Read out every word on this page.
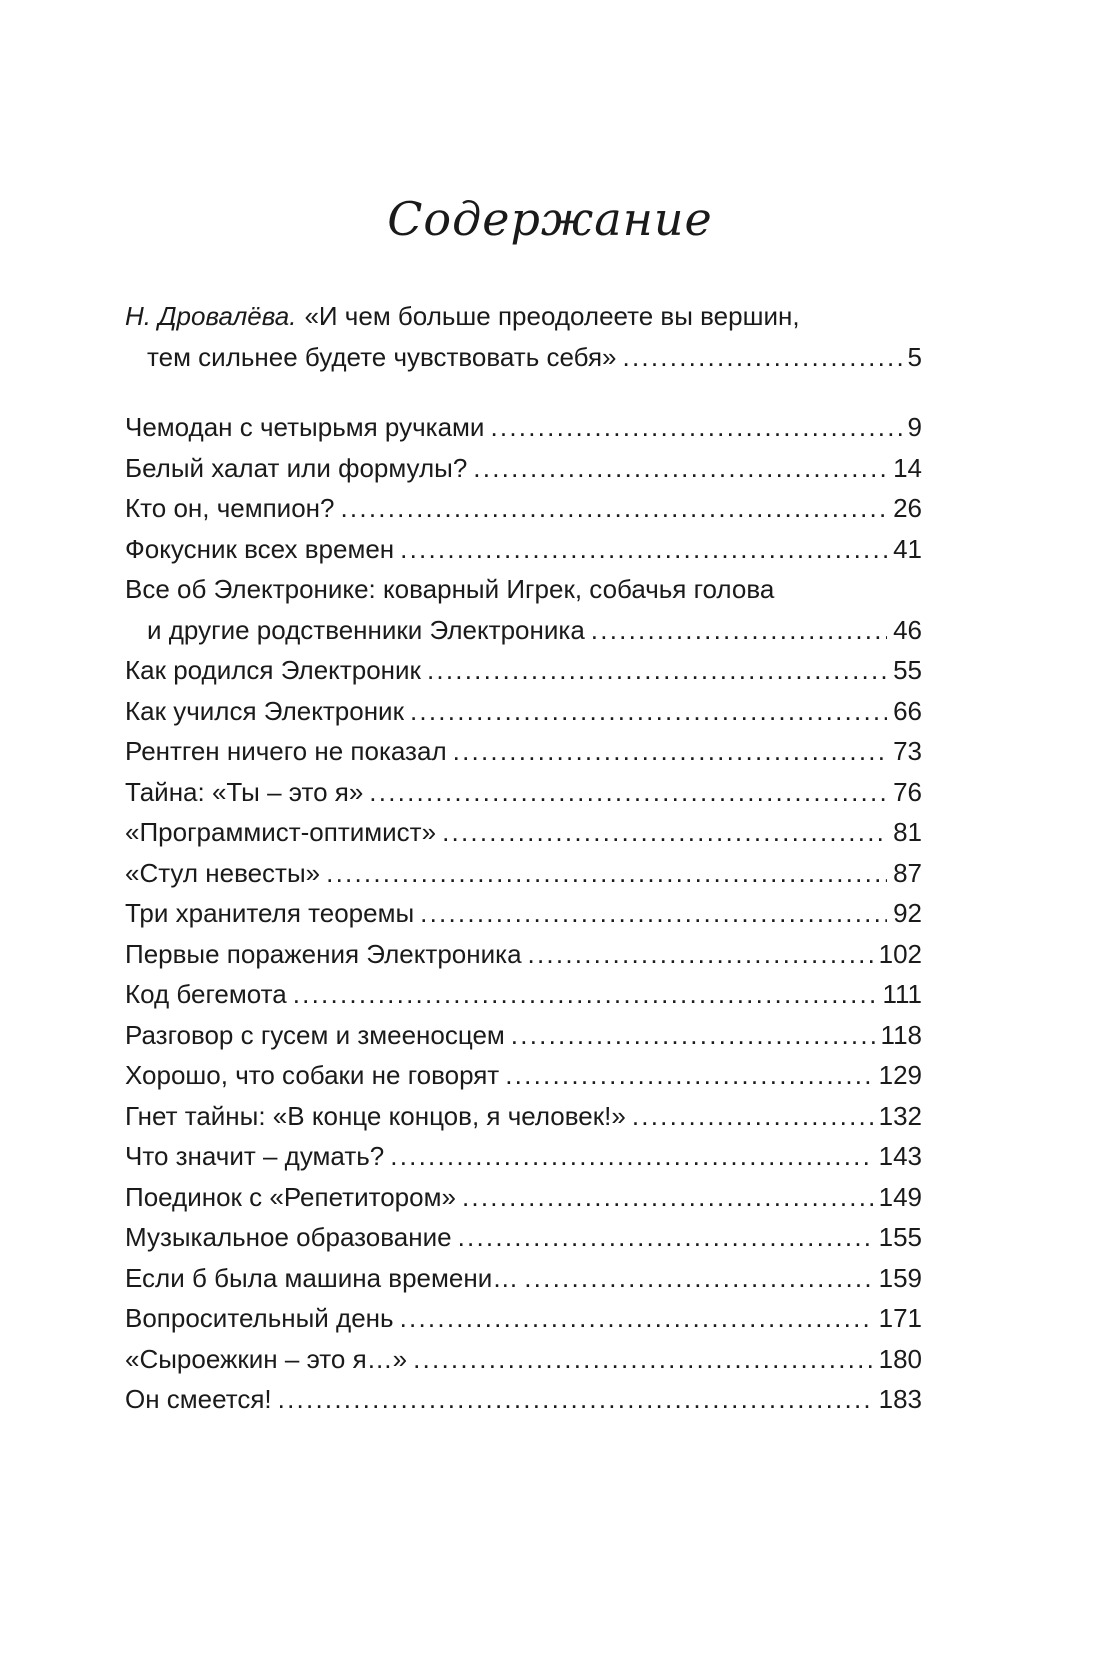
Содержание
Н. Дровалёва. «И чем больше преодолеете вы вершин,
тем сильнее будете чувствовать себя» . . .	5
Чемодан с четырьмя ручками . . .	9
Белый халат или формулы? . . .	14
Кто он, чемпион? . . .	26
Фокусник всех времен . . .	41
Все об Электронике: коварный Игрек, собачья голова
и другие родственники Электроника . . .	46
Как родился Электроник . . .	55
Как учился Электроник . . .	66
Рентген ничего не показал . . .	73
Тайна: «Ты – это я» . . .	76
«Программист-оптимист» . . .	81
«Стул невесты» . . .	87
Три хранителя теоремы . . .	92
Первые поражения Электроника . . .	102
Код бегемота . . .	111
Разговор с гусем и змееносцем . . .	118
Хорошо, что собаки не говорят . . .	129
Гнет тайны: «В конце концов, я человек!» . . .	132
Что значит – думать? . . .	143
Поединок с «Репетитором» . . .	149
Музыкальное образование . . .	155
Если б была машина времени… . . .	159
Вопросительный день . . .	171
«Сыроежкин – это я…» . . .	180
Он смеется! . . .	183
